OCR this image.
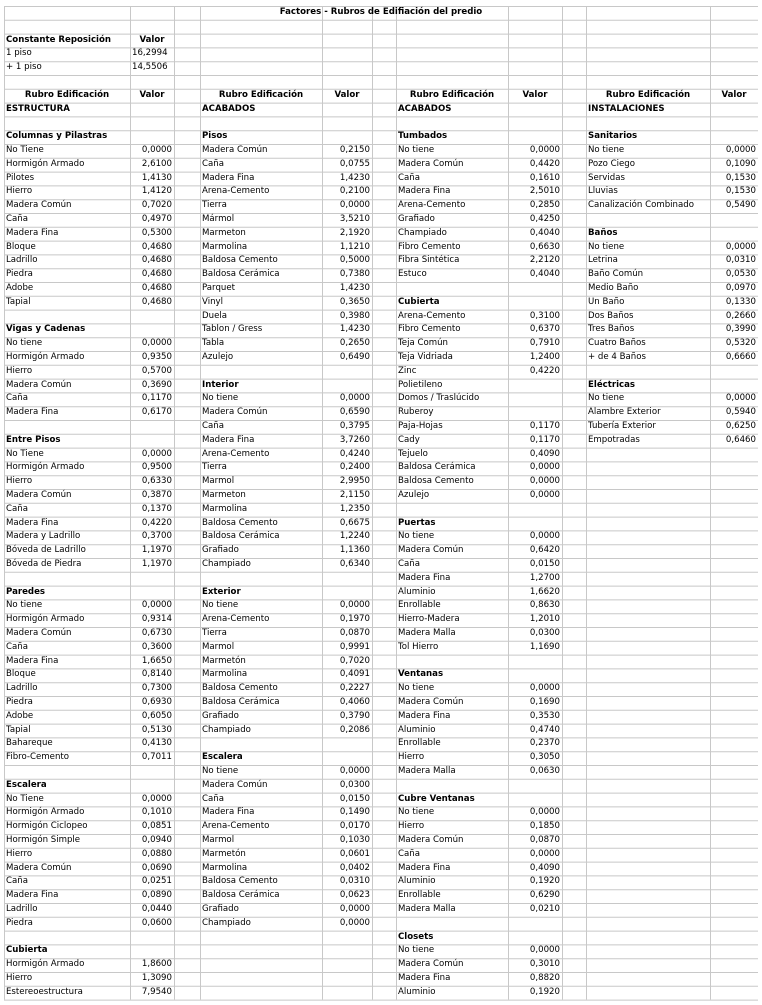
Factores - Rubros de Edifiación del predio
Constante Reposición	Valor
1 piso	16,2994
+ 1 piso	14,5506
Rubro Edificación	Valor
ESTRUCTURA
Columnas y Pilastras
No Tiene	0,0000
Hormigón Armado	2,6100
Pilotes	1,4130
Hierro	1,4120
Madera Común	0,7020
Caña	0,4970
Madera Fina	0,5300
Bloque	0,4680
Ladrillo	0,4680
Piedra	0,4680
Adobe	0,4680
Tapial	0,4680
Vigas y Cadenas
No tiene	0,0000
Hormigón Armado	0,9350
Hierro	0,5700
Madera Común	0,3690
Caña	0,1170
Madera Fina	0,6170
Entre Pisos
No Tiene	0,0000
Hormigón Armado	0,9500
Hierro	0,6330
Madera Común	0,3870
Caña	0,1370
Madera Fina	0,4220
Madera y Ladrillo	0,3700
Bóveda de Ladrillo	1,1970
Bóveda de Piedra	1,1970
Paredes
No tiene	0,0000
Hormigón Armado	0,9314
Madera Común	0,6730
Caña	0,3600
Madera Fina	1,6650
Bloque	0,8140
Ladrillo	0,7300
Piedra	0,6930
Adobe	0,6050
Tapial	0,5130
Bahareque	0,4130
Fibro-Cemento	0,7011
Escalera
No Tiene	0,0000
Hormigón Armado	0,1010
Hormigón Ciclopeo	0,0851
Hormigón Simple	0,0940
Hierro	0,0880
Madera Común	0,0690
Caña	0,0251
Madera Fina	0,0890
Ladrillo	0,0440
Piedra	0,0600
Cubierta
Hormigón Armado	1,8600
Hierro	1,3090
Estereoestructura	7,9540
Rubro Edificación	Valor
ACABADOS
Pisos
Madera Común	0,2150
Caña	0,0755
Madera Fina	1,4230
Arena-Cemento	0,2100
Tierra	0,0000
Mármol	3,5210
Marmeton	2,1920
Marmolina	1,1210
Baldosa Cemento	0,5000
Baldosa Cerámica	0,7380
Parquet	1,4230
Vinyl	0,3650
Duela	0,3980
Tablon / Gress	1,4230
Tabla	0,2650
Azulejo	0,6490
Interior
No tiene	0,0000
Madera Común	0,6590
Caña	0,3795
Madera Fina	3,7260
Arena-Cemento	0,4240
Tierra	0,2400
Marmol	2,9950
Marmeton	2,1150
Marmolina	1,2350
Baldosa Cemento	0,6675
Baldosa Cerámica	1,2240
Grafiado	1,1360
Champiado	0,6340
Exterior
No tiene	0,0000
Arena-Cemento	0,1970
Tierra	0,0870
Marmol	0,9991
Marmetón	0,7020
Marmolina	0,4091
Baldosa Cemento	0,2227
Baldosa Cerámica	0,4060
Grafiado	0,3790
Champiado	0,2086
Escalera
No tiene	0,0000
Madera Común	0,0300
Caña	0,0150
Madera Fina	0,1490
Arena-Cemento	0,0170
Marmol	0,1030
Marmetón	0,0601
Marmolina	0,0402
Baldosa Cemento	0,0310
Baldosa Cerámica	0,0623
Grafiado	0,0000
Champiado	0,0000
Rubro Edificación	Valor
ACABADOS
Tumbados
No tiene	0,0000
Madera Común	0,4420
Caña	0,1610
Madera Fina	2,5010
Arena-Cemento	0,2850
Grafiado	0,4250
Champiado	0,4040
Fibro Cemento	0,6630
Fibra Sintética	2,2120
Estuco	0,4040
Cubierta
Arena-Cemento	0,3100
Fibro Cemento	0,6370
Teja Común	0,7910
Teja Vidriada	1,2400
Zinc	0,4220
Polietileno
Domos / Traslúcido
Ruberoy
Paja-Hojas	0,1170
Cady	0,1170
Tejuelo	0,4090
Baldosa Cerámica	0,0000
Baldosa Cemento	0,0000
Azulejo	0,0000
Puertas
No tiene	0,0000
Madera Común	0,6420
Caña	0,0150
Madera Fina	1,2700
Aluminio	1,6620
Enrollable	0,8630
Hierro-Madera	1,2010
Madera Malla	0,0300
Tol Hierro	1,1690
Ventanas
No tiene	0,0000
Madera Común	0,1690
Madera Fina	0,3530
Aluminio	0,4740
Enrollable	0,2370
Hierro	0,3050
Madera Malla	0,0630
Cubre Ventanas
No tiene	0,0000
Hierro	0,1850
Madera Común	0,0870
Caña	0,0000
Madera Fina	0,4090
Aluminio	0,1920
Enrollable	0,6290
Madera Malla	0,0210
Closets
No tiene	0,0000
Madera Común	0,3010
Madera Fina	0,8820
Aluminio	0,1920
Rubro Edificación	Valor
INSTALACIONES
Sanitarios
No tiene	0,0000
Pozo Ciego	0,1090
Servidas	0,1530
Lluvias	0,1530
Canalización Combinado	0,5490
Baños
No tiene	0,0000
Letrina	0,0310
Baño Común	0,0530
Medio Baño	0,0970
Un Baño	0,1330
Dos Baños	0,2660
Tres Baños	0,3990
Cuatro Baños	0,5320
+ de 4 Baños	0,6660
Eléctricas
No tiene	0,0000
Alambre Exterior	0,5940
Tubería Exterior	0,6250
Empotradas	0,6460
